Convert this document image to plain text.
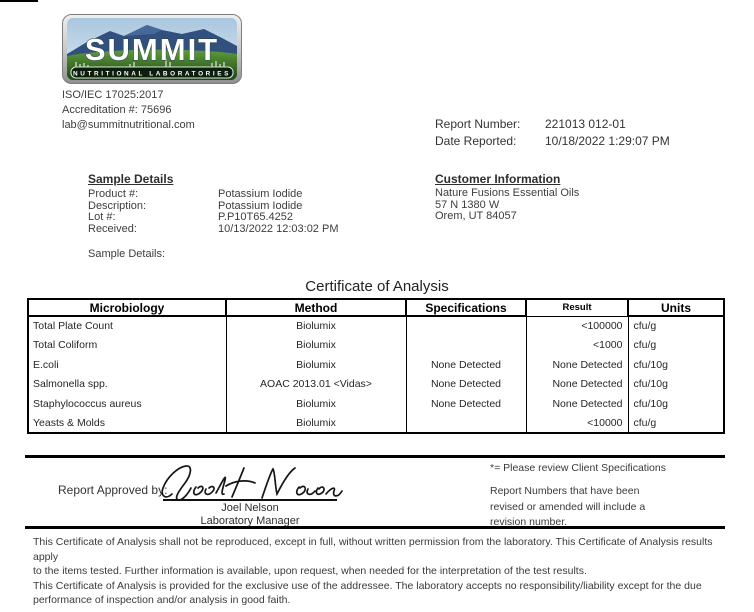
SUMMIT
NUTRITIONAL LABORATORIES
ISO/IEC 17025:2017
Accreditation #: 75696
lab@summitnutritional.com	Report Number:	221013 012-01
Date Reported:	10/18/2022 1:29:07 PM
Sample Details
Product #:	Potassium Iodide
Description:	Potassium Iodide
Lot #:	P.P10T65.4252
Received:	10/13/2022 12:03:02 PM
Sample Details:
Customer Information
Nature Fusions Essential Oils
57 N 1380 W
Orem, UT 84057
Certificate of Analysis
Microbiology	Method	Specifications	Result	Units
Total Plate Count	Biolumix		<100000	cfu/g
Total Coliform	Biolumix		<1000	cfu/g
E.coli	Biolumix	None Detected	None Detected	cfu/10g
Salmonella spp.	AOAC 2013.01 <Vidas>	None Detected	None Detected	cfu/10g
Staphylococcus aureus	Biolumix	None Detected	None Detected	cfu/10g
Yeasts & Molds	Biolumix		<10000	cfu/g
Report Approved by:
Joel Nelson
Laboratory Manager
*= Please review Client Specifications
Report Numbers that have been
revised or amended will include a
revision number.
This Certificate of Analysis shall not be reproduced, except in full, without written permission from the laboratory. This Certificate of Analysis results apply
to the items tested. Further information is available, upon request, when needed for the interpretation of the test results.
This Certificate of Analysis is provided for the exclusive use of the addressee. The laboratory accepts no responsibility/liability except for the due
performance of inspection and/or analysis in good faith.
